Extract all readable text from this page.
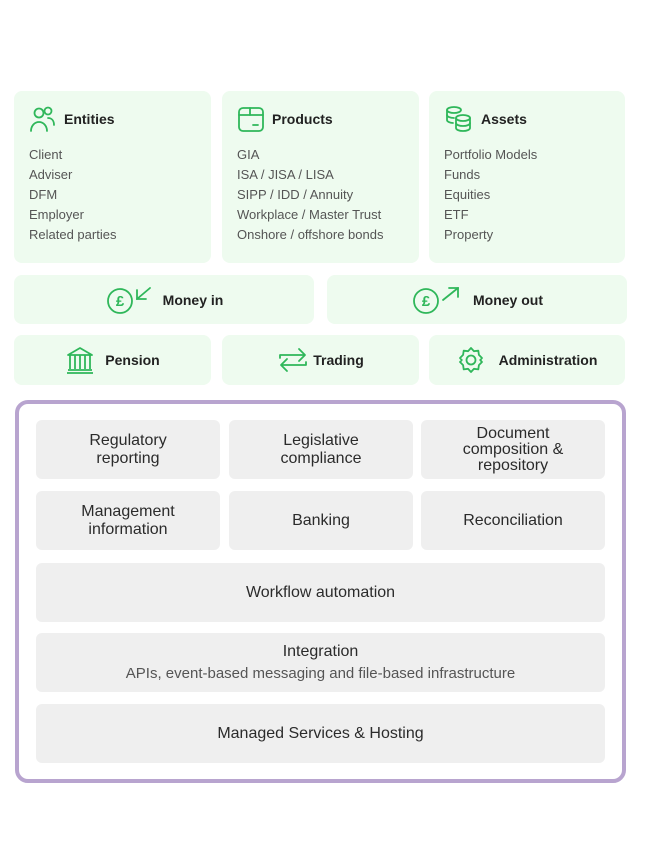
Entities
Client
Adviser
DFM
Employer
Related parties
Products
GIA
ISA / JISA / LISA
SIPP / IDD / Annuity
Workplace / Master Trust
Onshore / offshore bonds
Assets
Portfolio Models
Funds
Equities
ETF
Property
£	Money in	£	Money out
Pension	Trading	Administration
Regulatory
reporting
Legislative
compliance
Document
composition &
repository
Management
information
Banking	Reconciliation
Workflow automation
Integration
APIs, event-based messaging and file-based infrastructure
Managed Services & Hosting
